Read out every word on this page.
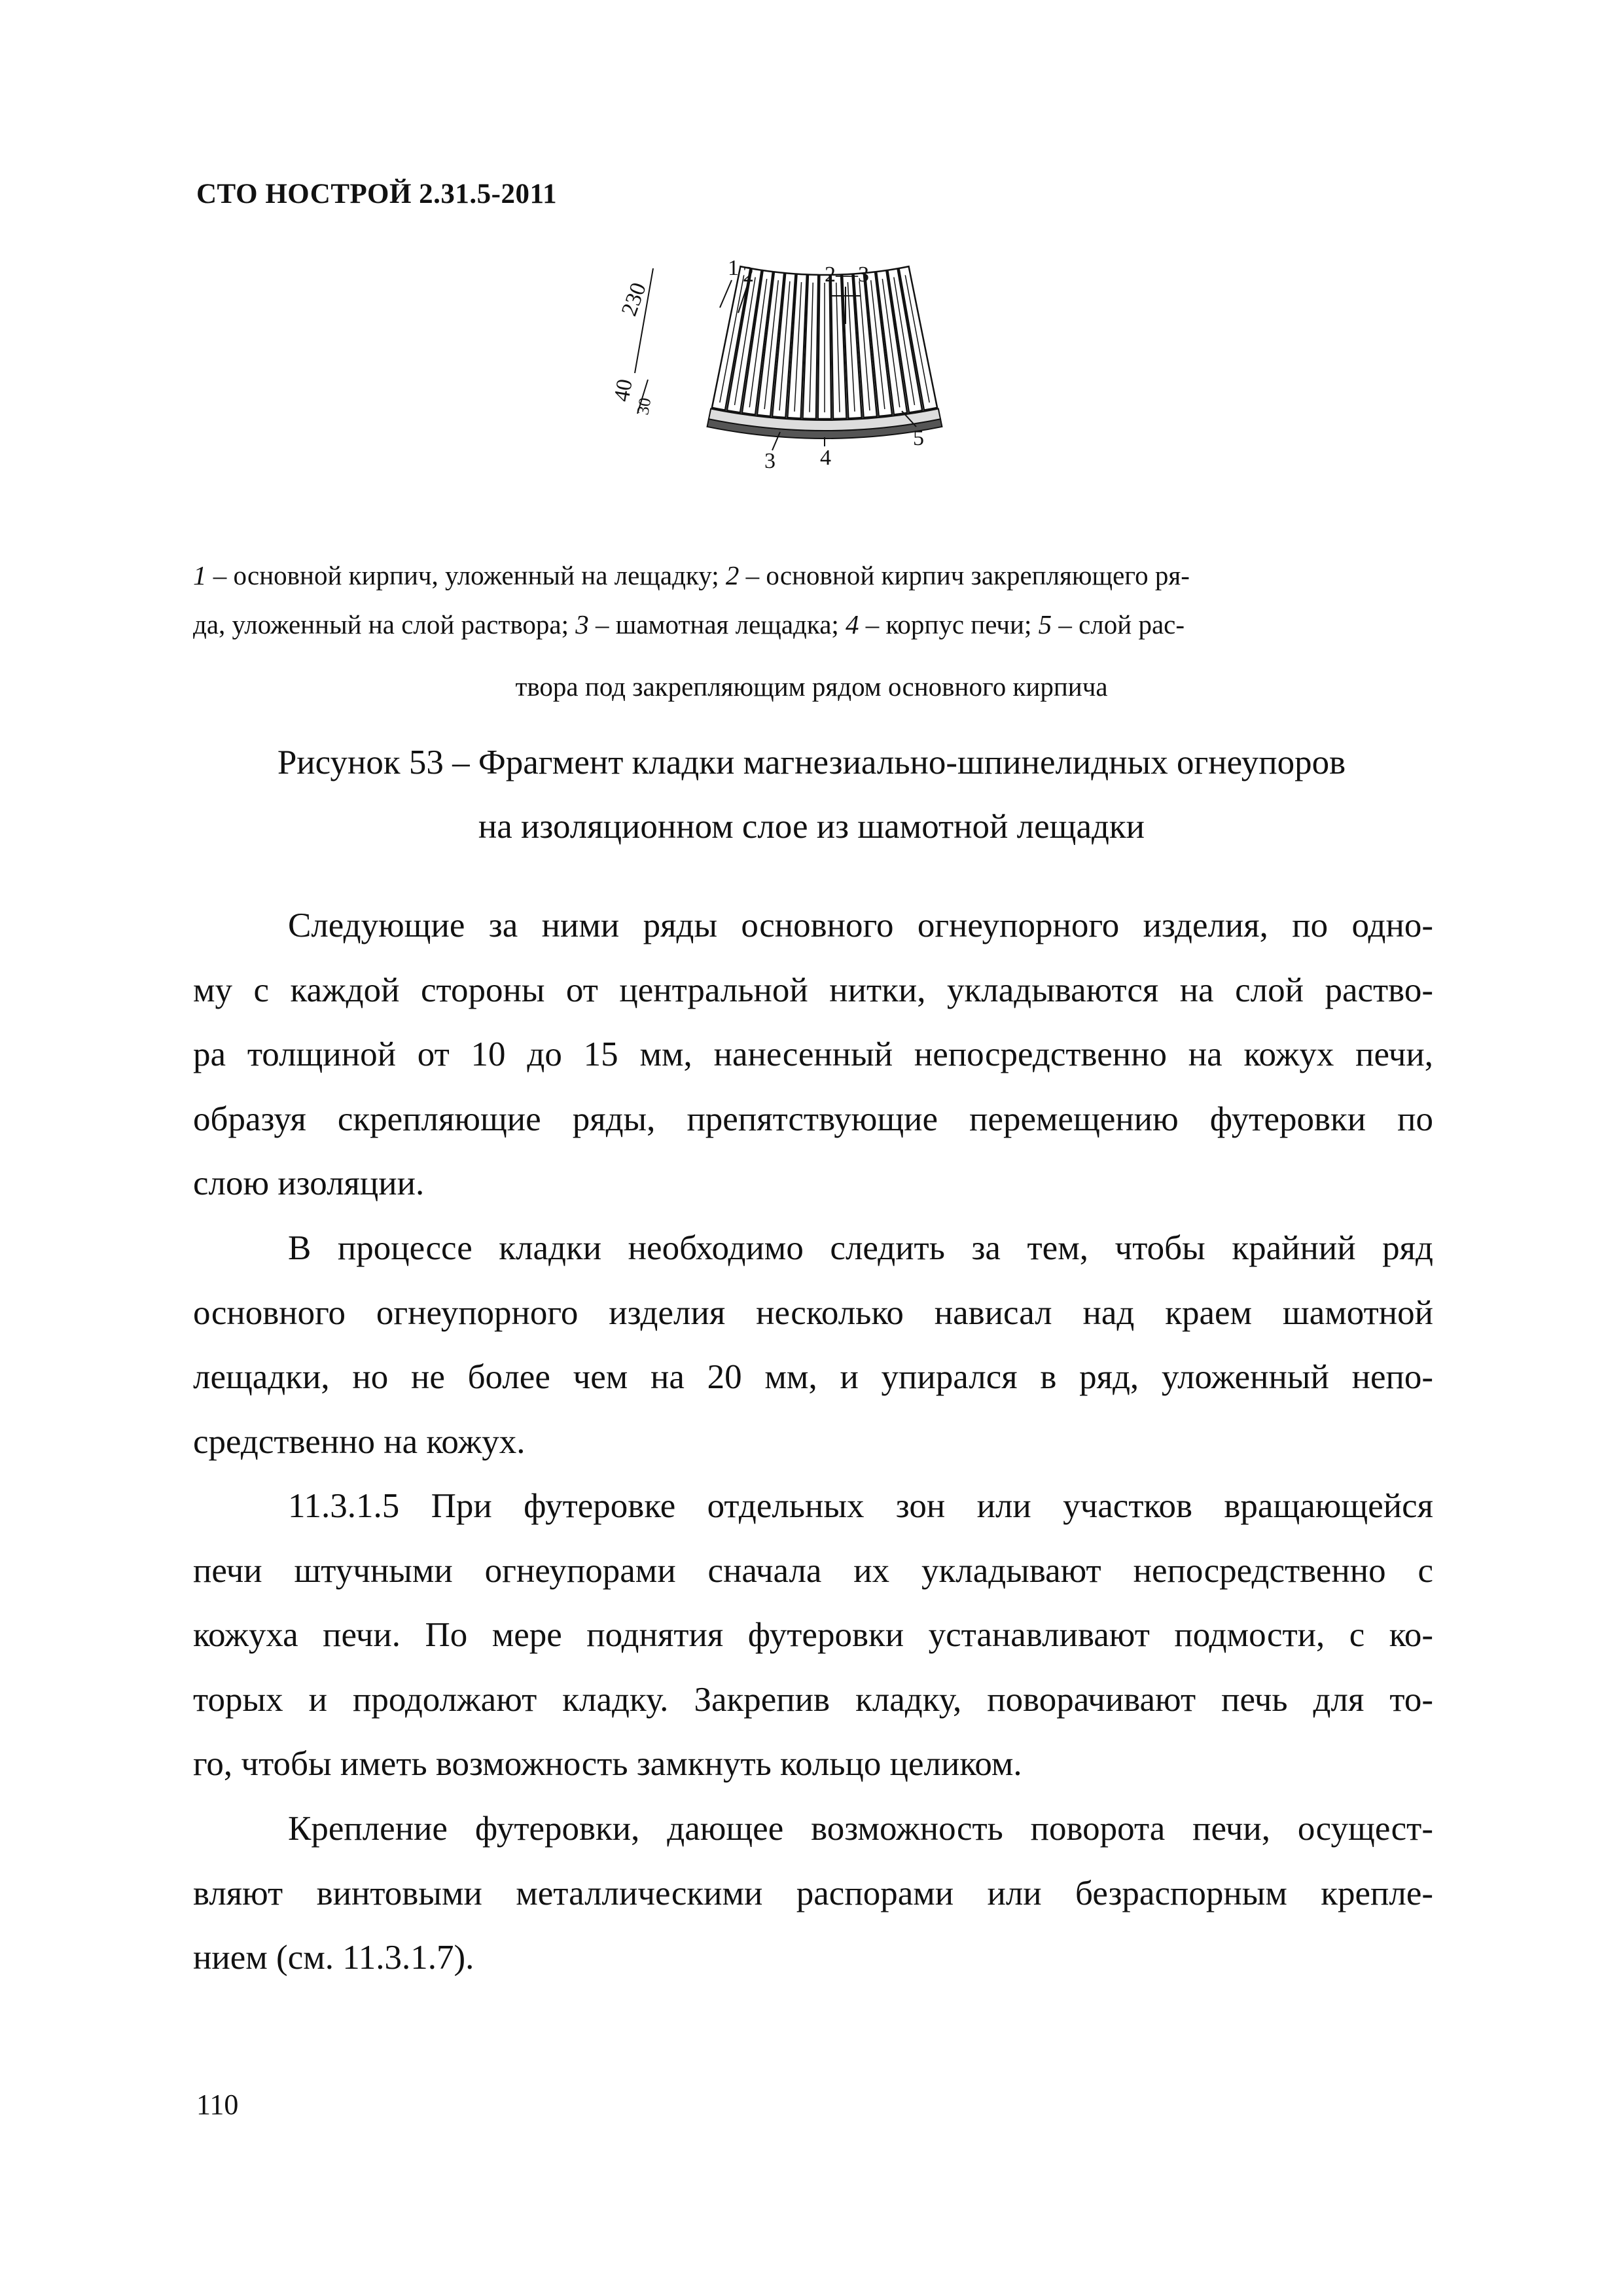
СТО НОСТРОЙ 2.31.5-2011
1 2	2—3
3 4
5
230
40
30
1 – основной кирпич, уложенный на лещадку; 2 – основной кирпич закрепляющего ря-
да, уложенный на слой раствора; 3 – шамотная лещадка; 4 – корпус печи; 5 – слой рас-
твора под закрепляющим рядом основного кирпича
Рисунок 53 – Фрагмент кладки магнезиально-шпинелидных огнеупоров
на изоляционном слое из шамотной лещадки
Следующие за ними ряды основного огнеупорного изделия, по одно-
му с каждой стороны от центральной нитки, укладываются на слой раство-
ра толщиной от 10 до 15 мм, нанесенный непосредственно на кожух печи,
образуя скрепляющие ряды, препятствующие перемещению футеровки по
слою изоляции.
В процессе кладки необходимо следить за тем, чтобы крайний ряд
основного огнеупорного изделия несколько нависал над краем шамотной
лещадки, но не более чем на 20 мм, и упирался в ряд, уложенный непо-
средственно на кожух.
11.3.1.5 При футеровке отдельных зон или участков вращающейся
печи штучными огнеупорами сначала их укладывают непосредственно с
кожуха печи. По мере поднятия футеровки устанавливают подмости, с ко-
торых и продолжают кладку. Закрепив кладку, поворачивают печь для то-
го, чтобы иметь возможность замкнуть кольцо целиком.
Крепление футеровки, дающее возможность поворота печи, осущест-
вляют винтовыми металлическими распорами или безраспорным крепле-
нием (см. 11.3.1.7).
110
